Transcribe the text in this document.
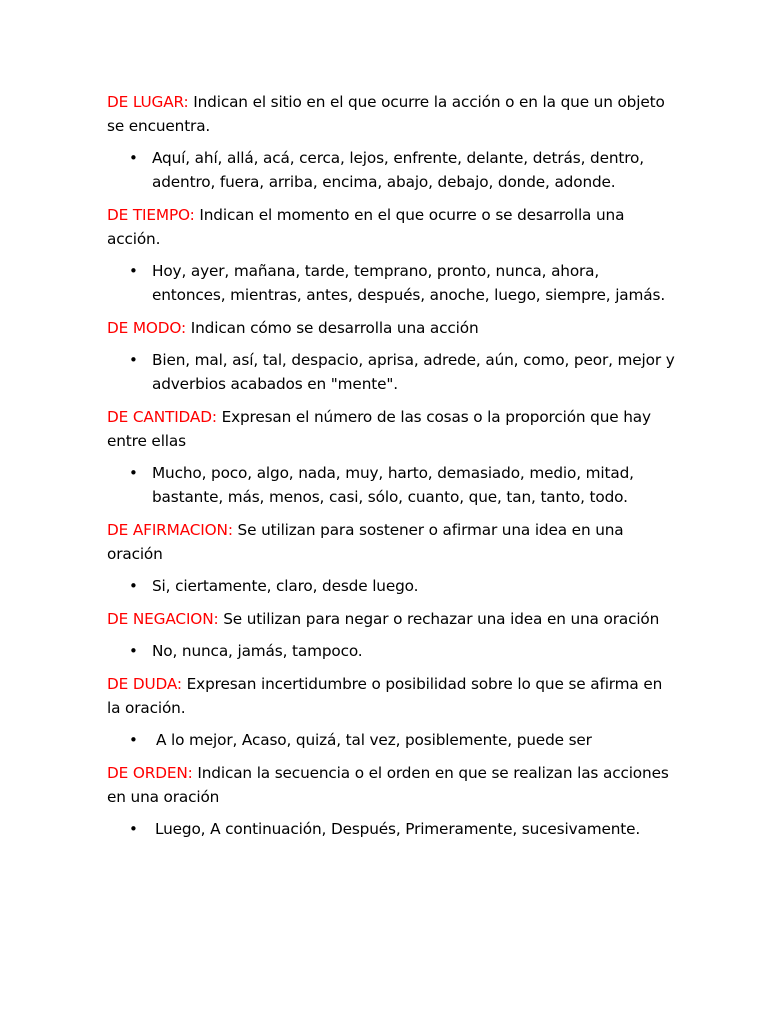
DE LUGAR: Indican el sitio en el que ocurre la acción o en la que un objeto se encuentra.

• Aquí, ahí, allá, acá, cerca, lejos, enfrente, delante, detrás, dentro, adentro, fuera, arriba, encima, abajo, debajo, donde, adonde.

DE TIEMPO: Indican el momento en el que ocurre o se desarrolla una acción.

• Hoy, ayer, mañana, tarde, temprano, pronto, nunca, ahora, entonces, mientras, antes, después, anoche, luego, siempre, jamás.

DE MODO: Indican cómo se desarrolla una acción

• Bien, mal, así, tal, despacio, aprisa, adrede, aún, como, peor, mejor y adverbios acabados en "mente".

DE CANTIDAD: Expresan el número de las cosas o la proporción que hay entre ellas

• Mucho, poco, algo, nada, muy, harto, demasiado, medio, mitad, bastante, más, menos, casi, sólo, cuanto, que, tan, tanto, todo.

DE AFIRMACION: Se utilizan para sostener o afirmar una idea en una oración

• Si, ciertamente, claro, desde luego.

DE NEGACION: Se utilizan para negar o rechazar una idea en una oración

• No, nunca, jamás, tampoco.

DE DUDA: Expresan incertidumbre o posibilidad sobre lo que se afirma en la oración.

• A lo mejor, Acaso, quizá, tal vez, posiblemente, puede ser

DE ORDEN: Indican la secuencia o el orden en que se realizan las acciones en una oración

• Luego, A continuación, Después, Primeramente, sucesivamente.
